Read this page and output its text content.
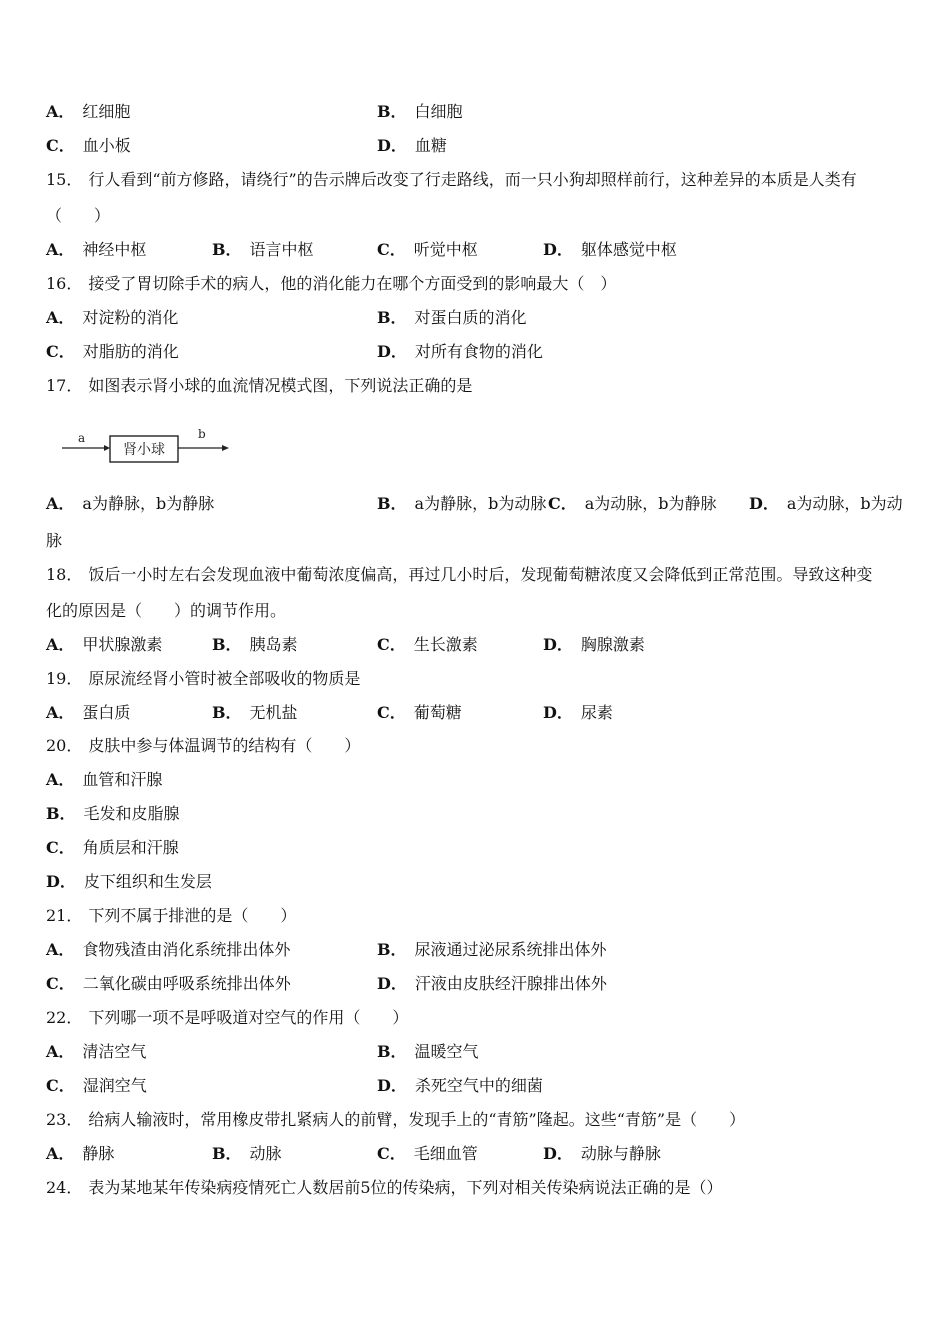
A． 红细胞	B． 白细胞
C． 血小板	D． 血糖
15． 行人看到“前方修路，请绕行”的告示牌后改变了行走路线，而一只小狗却照样前行，这种差异的本质是人类有
（　　）
A． 神经中枢	B． 语言中枢	C． 听觉中枢	D． 躯体感觉中枢
16． 接受了胃切除手术的病人，他的消化能力在哪个方面受到的影响最大（　）
A． 对淀粉的消化	B． 对蛋白质的消化
C． 对脂肪的消化	D． 对所有食物的消化
17． 如图表示肾小球的血流情况模式图，下列说法正确的是
a
肾小球
b
A． a为静脉，b为静脉	B． a为静脉，b为动脉 C． a为动脉，b为静脉 D． a为动脉，b为动
脉
18． 饭后一小时左右会发现血液中葡萄浓度偏高，再过几小时后，发现葡萄糖浓度又会降低到正常范围。导致这种变
化的原因是（　　）的调节作用。
A． 甲状腺激素	B． 胰岛素	C． 生长激素	D． 胸腺激素
19． 原尿流经肾小管时被全部吸收的物质是
A． 蛋白质	B． 无机盐	C． 葡萄糖	D． 尿素
20． 皮肤中参与体温调节的结构有（　　）
A． 血管和汗腺
B． 毛发和皮脂腺
C． 角质层和汗腺
D． 皮下组织和生发层
21． 下列不属于排泄的是（　　）
A． 食物残渣由消化系统排出体外	B． 尿液通过泌尿系统排出体外
C． 二氧化碳由呼吸系统排出体外	D． 汗液由皮肤经汗腺排出体外
22． 下列哪一项不是呼吸道对空气的作用（　　）
A． 清洁空气	B． 温暖空气
C． 湿润空气	D． 杀死空气中的细菌
23． 给病人输液时，常用橡皮带扎紧病人的前臂，发现手上的“青筋”隆起。这些“青筋”是（　　）
A． 静脉	B． 动脉	C． 毛细血管	D． 动脉与静脉
24． 表为某地某年传染病疫情死亡人数居前5位的传染病，下列对相关传染病说法正确的是（）
